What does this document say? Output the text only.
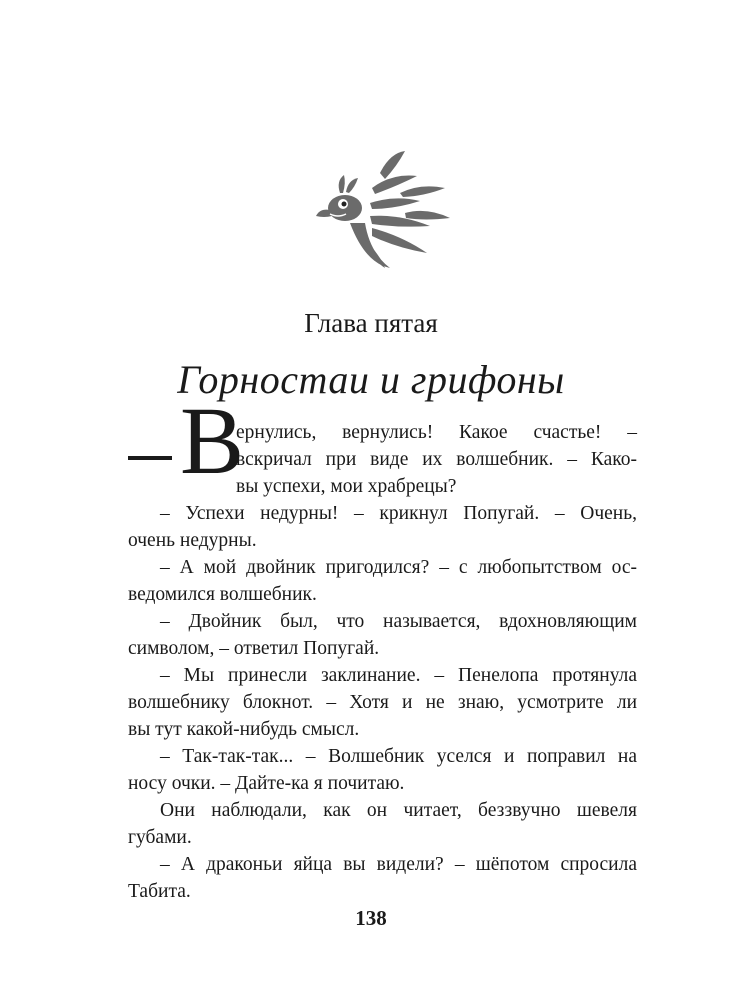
Глава пятая
Горностаи и грифоны
В
ернулись, вернулись! Какое счастье! –
вскричал при виде их волшебник. – Како-
вы успехи, мои храбрецы?
– Успехи недурны! – крикнул Попугай. – Очень,
очень недурны.
– А мой двойник пригодился? – с любопытством ос-
ведомился волшебник.
– Двойник был, что называется, вдохновляющим
символом, – ответил Попугай.
– Мы принесли заклинание. – Пенелопа протянула
волшебнику блокнот. – Хотя и не знаю, усмотрите ли
вы тут какой-нибудь смысл.
– Так-так-так... – Волшебник уселся и поправил на
носу очки. – Дайте-ка я почитаю.
Они наблюдали, как он читает, беззвучно шевеля
губами.
– А драконьи яйца вы видели? – шёпотом спросила
Табита.
138
